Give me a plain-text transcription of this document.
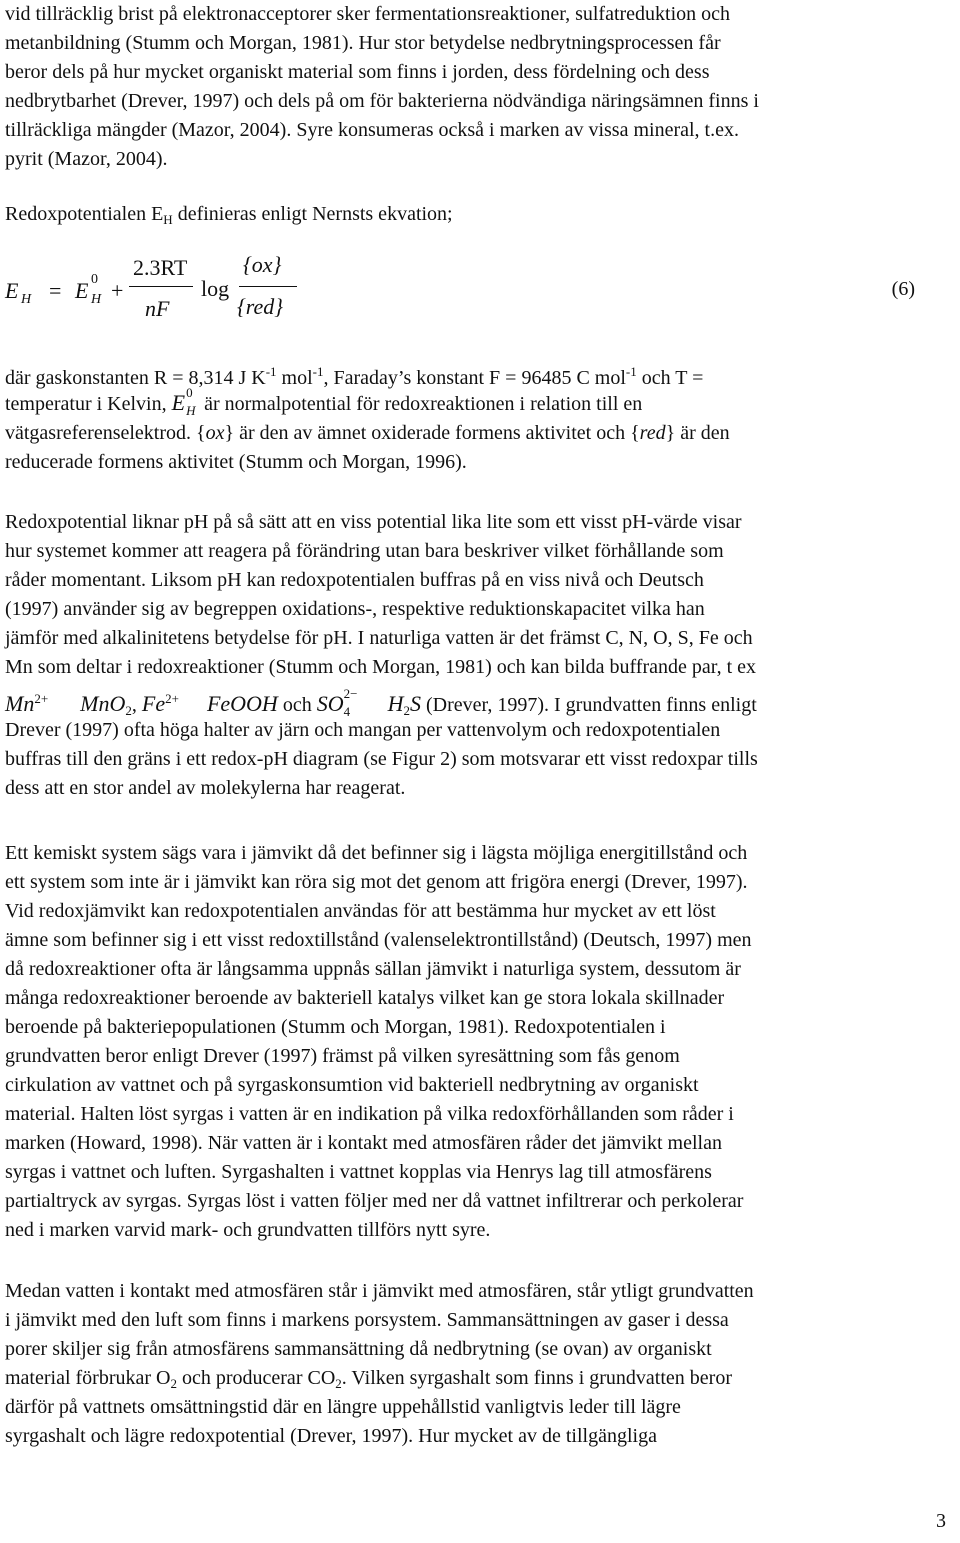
vid tillräcklig brist på elektronacceptorer sker fermentationsreaktioner, sulfatreduktion och
metanbildning (Stumm och Morgan, 1981). Hur stor betydelse nedbrytningsprocessen får
beror dels på hur mycket organiskt material som finns i jorden, dess fördelning och dess
nedbrytbarhet (Drever, 1997) och dels på om för bakterierna nödvändiga näringsämnen finns i
tillräckliga mängder (Mazor, 2004). Syre konsumeras också i marken av vissa mineral, t.ex.
pyrit (Mazor, 2004).
Redoxpotentialen $E_H$ definieras enligt Nernsts ekvation;
E H = E 0
H +
2.3RT
nF
log
{ox}
{red}
(6)
där gaskonstanten R = 8,314 J $K^{-1}$ mol$^{-1}$, Faraday’s konstant F = 96485 C mol$^{-1}$ och T =
temperatur i Kelvin, E 0
H är normalpotential för redoxreaktionen i relation till en
vätgasreferenselektrod. {ox} är den av ämnet oxiderade formens aktivitet och {red} är den
reducerade formens aktivitet (Stumm och Morgan, 1996).
Redoxpotential liknar pH på så sätt att en viss potential lika lite som ett visst pH-värde visar
hur systemet kommer att reagera på förändring utan bara beskriver vilket förhållande som
råder momentant. Liksom pH kan redoxpotentialen buffras på en viss nivå och Deutsch
(1997) använder sig av begreppen oxidations-, respektive reduktionskapacitet vilka han
jämför med alkalinitetens betydelse för pH. I naturliga vatten är det främst C, N, O, S, Fe och
Mn som deltar i redoxreaktioner (Stumm och Morgan, 1981) och kan bilda buffrande par, t ex
$Mn^{2+}$ MnO$_2$, $Fe^{2+}$ FeOOH och SO 2−
4 $H_2S$ (Drever, 1997). I grundvatten finns enligt
Drever (1997) ofta höga halter av järn och mangan per vattenvolym och redoxpotentialen
buffras till den gräns i ett redox-pH diagram (se Figur 2) som motsvarar ett visst redoxpar tills
dess att en stor andel av molekylerna har reagerat.
Ett kemiskt system sägs vara i jämvikt då det befinner sig i lägsta möjliga energitillstånd och
ett system som inte är i jämvikt kan röra sig mot det genom att frigöra energi (Drever, 1997).
Vid redoxjämvikt kan redoxpotentialen användas för att bestämma hur mycket av ett löst
ämne som befinner sig i ett visst redoxtillstånd (valenselektrontillstånd) (Deutsch, 1997) men
då redoxreaktioner ofta är långsamma uppnås sällan jämvikt i naturliga system, dessutom är
många redoxreaktioner beroende av bakteriell katalys vilket kan ge stora lokala skillnader
beroende på bakteriepopulationen (Stumm och Morgan, 1981). Redoxpotentialen i
grundvatten beror enligt Drever (1997) främst på vilken syresättning som fås genom
cirkulation av vattnet och på syrgaskonsumtion vid bakteriell nedbrytning av organiskt
material. Halten löst syrgas i vatten är en indikation på vilka redoxförhållanden som råder i
marken (Howard, 1998). När vatten är i kontakt med atmosfären råder det jämvikt mellan
syrgas i vattnet och luften. Syrgashalten i vattnet kopplas via Henrys lag till atmosfärens
partialtryck av syrgas. Syrgas löst i vatten följer med ner då vattnet infiltrerar och perkolerar
ned i marken varvid mark- och grundvatten tillförs nytt syre.
Medan vatten i kontakt med atmosfären står i jämvikt med atmosfären, står ytligt grundvatten
i jämvikt med den luft som finns i markens porsystem. Sammansättningen av gaser i dessa
porer skiljer sig från atmosfärens sammansättning då nedbrytning (se ovan) av organiskt
material förbrukar $O_2$ och producerar $CO_2$. Vilken syrgashalt som finns i grundvatten beror
därför på vattnets omsättningstid där en längre uppehållstid vanligtvis leder till lägre
syrgashalt och lägre redoxpotential (Drever, 1997). Hur mycket av de tillgängliga
3
